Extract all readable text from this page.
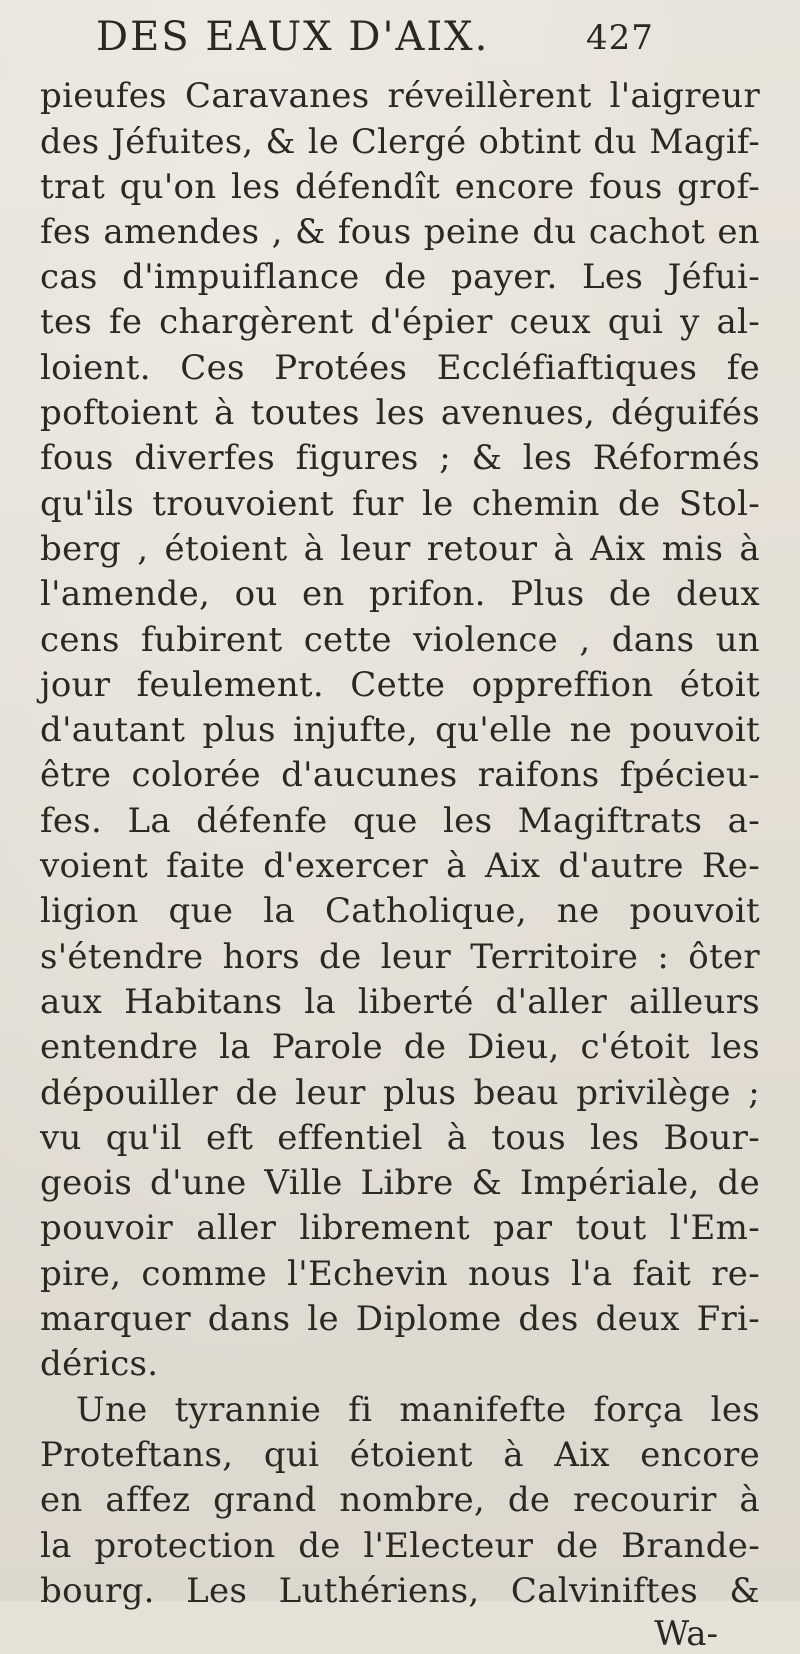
DES EAUX D'AIX.	427
pieufes Caravanes réveillèrent l'aigreur
des Jéfuites, & le Clergé obtint du Magif-
trat qu'on les défendît encore fous grof-
fes amendes , & fous peine du cachot en
cas d'impuiflance de payer. Les Jéfui-
tes fe chargèrent d'épier ceux qui y al-
loient. Ces Protées Eccléfiaftiques fe
poftoient à toutes les avenues, déguifés
fous diverfes figures ; & les Réformés
qu'ils trouvoient fur le chemin de Stol-
berg , étoient à leur retour à Aix mis à
l'amende, ou en prifon. Plus de deux
cens fubirent cette violence , dans un
jour feulement. Cette oppreffion étoit
d'autant plus injufte, qu'elle ne pouvoit
être colorée d'aucunes raifons fpécieu-
fes. La défenfe que les Magiftrats a-
voient faite d'exercer à Aix d'autre Re-
ligion que la Catholique, ne pouvoit
s'étendre hors de leur Territoire : ôter
aux Habitans la liberté d'aller ailleurs
entendre la Parole de Dieu, c'étoit les
dépouiller de leur plus beau privilège ;
vu qu'il eft effentiel à tous les Bour-
geois d'une Ville Libre & Impériale, de
pouvoir aller librement par tout l'Em-
pire, comme l'Echevin nous l'a fait re-
marquer dans le Diplome des deux Fri-
dérics.
Une tyrannie fi manifefte força les
Proteftans, qui étoient à Aix encore
en affez grand nombre, de recourir à
la protection de l'Electeur de Brande-
bourg. Les Luthériens, Calviniftes &
Wa-
